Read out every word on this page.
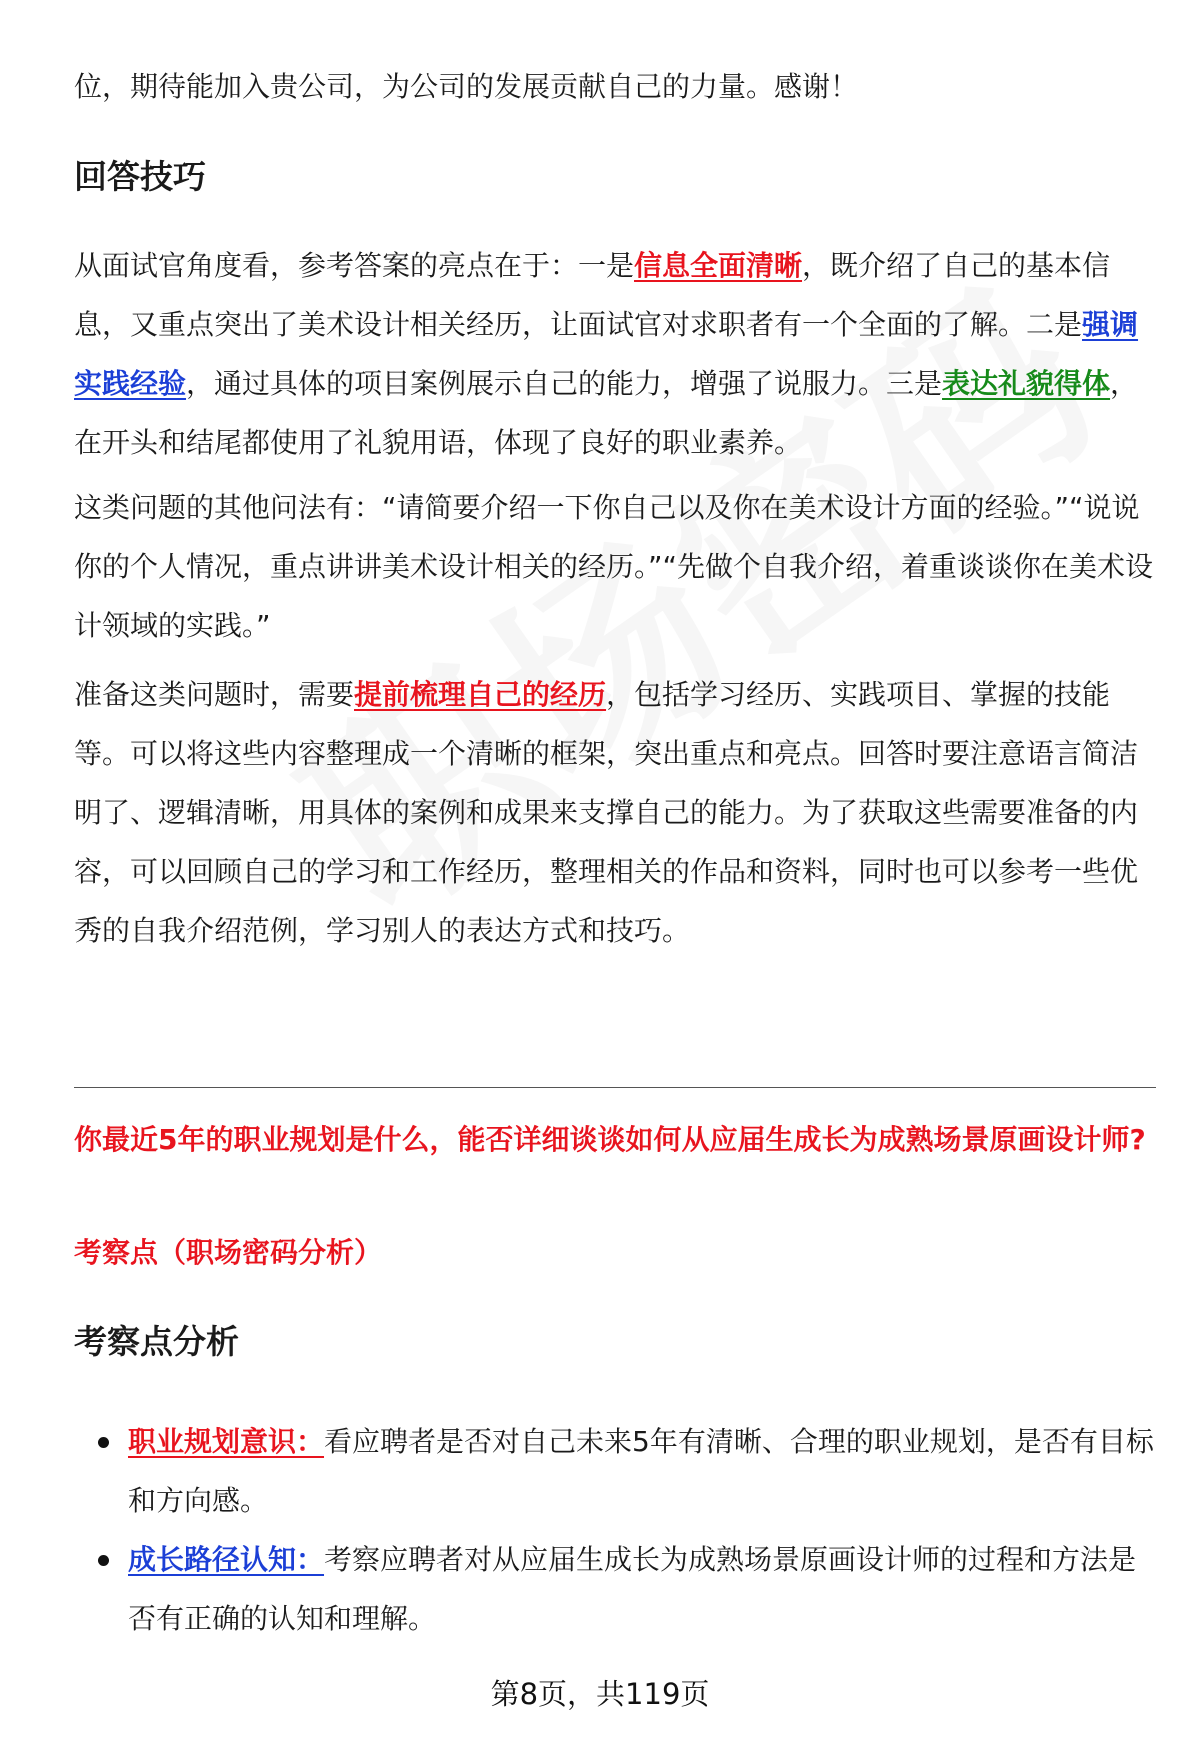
位，期待能加入贵公司，为公司的发展贡献自己的力量。感谢！

回答技巧

从面试官角度看，参考答案的亮点在于：一是信息全面清晰，既介绍了自己的基本信息，又重点突出了美术设计相关经历，让面试官对求职者有一个全面的了解。二是强调实践经验，通过具体的项目案例展示自己的能力，增强了说服力。三是表达礼貌得体，在开头和结尾都使用了礼貌用语，体现了良好的职业素养。

这类问题的其他问法有：“请简要介绍一下你自己以及你在美术设计方面的经验。”“说说你的个人情况，重点讲讲美术设计相关的经历。”“先做个自我介绍，着重谈谈你在美术设计领域的实践。”

准备这类问题时，需要提前梳理自己的经历，包括学习经历、实践项目、掌握的技能等。可以将这些内容整理成一个清晰的框架，突出重点和亮点。回答时要注意语言简洁明了、逻辑清晰，用具体的案例和成果来支撑自己的能力。为了获取这些需要准备的内容，可以回顾自己的学习和工作经历，整理相关的作品和资料，同时也可以参考一些优秀的自我介绍范例，学习别人的表达方式和技巧。

你最近5年的职业规划是什么，能否详细谈谈如何从应届生成长为成熟场景原画设计师?

考察点（职场密码分析）

考察点分析
职业规划意识：看应聘者是否对自己未来5年有清晰、合理的职业规划，是否有目标和方向感。
成长路径认知：考察应聘者对从应届生成长为成熟场景原画设计师的过程和方法是否有正确的认知和理解。
第8页，共119页
